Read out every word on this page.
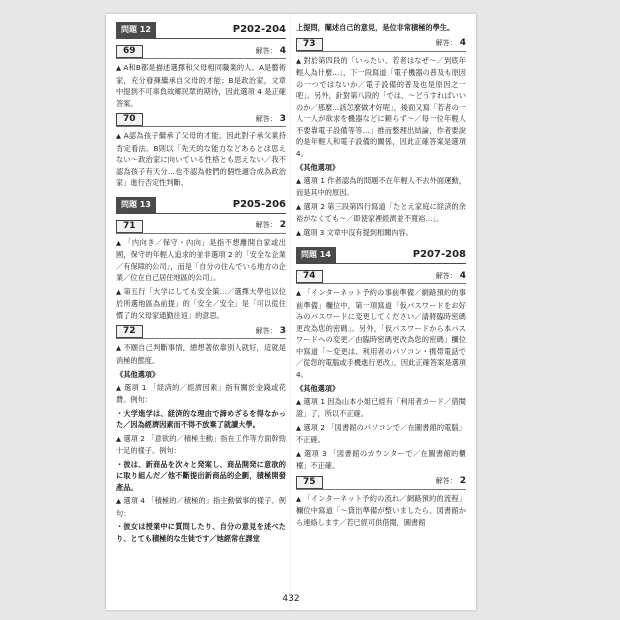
問題 12	P202-204
69	解答： 4

▲ A和B都是描述選擇和父母相同職業的人。A是藝術家，充分發揮繼承自父母的才能；B是政治家，文章中提到不可辜負故鄉民眾的期待，因此選項 4 是正確答案。

70	解答： 3

▲ A認為孩子繼承了父母的才能，因此對子承父業持肯定看法。B則以「先天的な能力などあるとは思えない～政治家に向いている性格とも思えない／我不認為孩子有天分…也不認為他們的個性適合成為政治家」進行否定性判斷。

問題 13	P205-206
71	解答： 2

▲ 「内向き／保守・內向」是指不想離開自家或出國，保守的年輕人追求的並非選項 2 的「安全な企業／有保障的公司」，而是「自分の住んでいる地方の企業／位在自己居住地區的公司」。

▲ 第五行「大学にしても安全策…／選擇大學也以位於所選地區為前提」的「安全／安全」是「可以從住慣了的父母家通勤往返」的意思。

72	解答： 3

▲ 不願自己判斷事情，總想著依靠別人就好，這就是消極的態度。

《其他選項》

▲ 選項 1 「経済的／經濟因素」指有關於金錢或花費。例句：

・ 大学進学は、経済的な理由で諦めざるを得なかった／因為經濟因素而不得不放棄了就讀大學。

▲ 選項 2 「意欲的／積極主動」指在工作等方面幹勁十足的樣子。例句：

・ 彼は、新商品を次々と発案し、商品開発に意欲的に取り組んだ／他不斷提出新商品的企劃，積極開發產品。

▲ 選項 4 「積極的／積極的」指主動做事的樣子。例句：

・ 彼女は授業中に質問したり、自分の意見を述べたり、とても積極的な生徒です／她經常在課堂

上提問，闡述自己的意見，是位非常積極的學生。

73	解答： 4

▲ 對於第四段的「いったい、若者はなぜ～／到底年輕人為什麼…」，下一段寫道「電子機器の普及も原因の一つではないか／電子設備的普及也是原因之一吧」。另外，針對第八段的「では、～どうすればいいのか／那麼…該怎麼做才好呢」，後面又寫「若者の一人一人が欲求を機器などに頼らず～／每一位年輕人不要靠電子設備等等…」推而整理出結論，作者要說的是年輕人和電子設備的關係，因此正確答案是選項 4。

《其他選項》

▲ 選項 1 作者認為的問題不在年輕人不去外面運動，而是其中的原因。

▲ 選項 2 第三段第四行寫道「たとえ家庭に経済的余裕がなくても～／即使家裡經濟並不寬裕…」。

▲ 選項 3 文章中沒有提到相關內容。

問題 14	P207-208
74	解答： 4

▲ 「インターネット予約の事前準備／網路預約的事前準備」欄位中，第一項寫道「仮パスワードをお好みのパスワードに変更してください／請將臨時密碼更改為您的密碼」。另外，「仮パスワードから本パスワードへの変更／由臨時密碼更改為您的密碼」欄位中寫道「～変更は、利用者のパソコン・携帯電話で／從您的電腦或手機進行更改」，因此正確答案是選項 4。

《其他選項》

▲ 選項 1 因為山本小姐已經有「利用者カード／借閱證」了，所以不正確。

▲ 選項 2 「図書館のパソコンで／在圖書館的電腦」不正確。

▲ 選項 3 「図書館のカウンターで／在圖書館的櫃檯」不正確。

75	解答： 2

▲ 「インターネット予約の流れ／網路預約的流程」欄位中寫道「～貸出準備が整いましたら、図書館から連絡します／若已經可供借閱，圖書館

432
